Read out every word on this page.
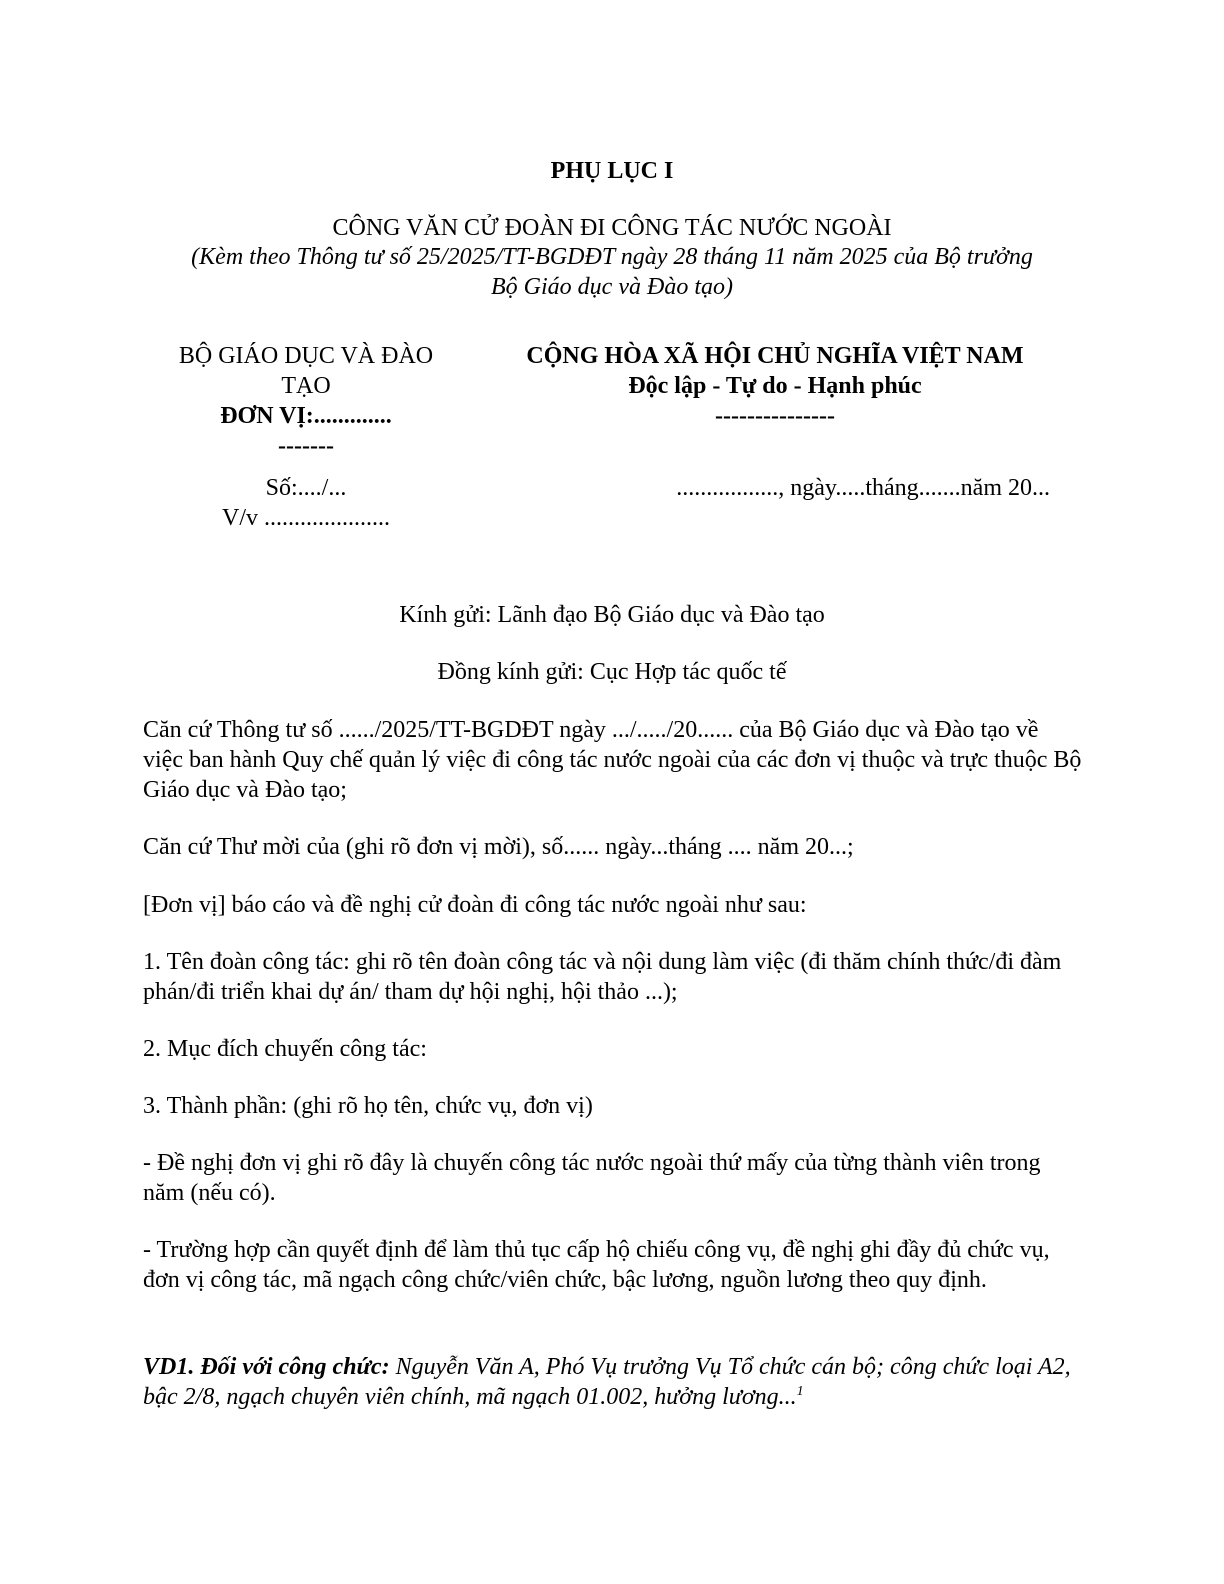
PHỤ LỤC I
CÔNG VĂN CỬ ĐOÀN ĐI CÔNG TÁC NƯỚC NGOÀI
(Kèm theo Thông tư số 25/2025/TT-BGDĐT ngày 28 tháng 11 năm 2025 của Bộ trưởng
Bộ Giáo dục và Đào tạo)
BỘ GIÁO DỤC VÀ ĐÀO
TẠO
ĐƠN VỊ:.............
-------
CỘNG HÒA XÃ HỘI CHỦ NGHĨA VIỆT NAM
Độc lập - Tự do - Hạnh phúc
---------------
Số:..../...
V/v .....................
................., ngày.....tháng.......năm 20...
Kính gửi: Lãnh đạo Bộ Giáo dục và Đào tạo
Đồng kính gửi: Cục Hợp tác quốc tế
Căn cứ Thông tư số ....../2025/TT-BGDĐT ngày .../...../20...... của Bộ Giáo dục và Đào tạo về việc ban hành Quy chế quản lý việc đi công tác nước ngoài của các đơn vị thuộc và trực thuộc Bộ Giáo dục và Đào tạo;
Căn cứ Thư mời của (ghi rõ đơn vị mời), số...... ngày...tháng .... năm 20...;
[Đơn vị] báo cáo và đề nghị cử đoàn đi công tác nước ngoài như sau:
1. Tên đoàn công tác: ghi rõ tên đoàn công tác và nội dung làm việc (đi thăm chính thức/đi đàm phán/đi triển khai dự án/ tham dự hội nghị, hội thảo ...);
2. Mục đích chuyến công tác:
3. Thành phần: (ghi rõ họ tên, chức vụ, đơn vị)
- Đề nghị đơn vị ghi rõ đây là chuyến công tác nước ngoài thứ mấy của từng thành viên trong năm (nếu có).
- Trường hợp cần quyết định để làm thủ tục cấp hộ chiếu công vụ, đề nghị ghi đầy đủ chức vụ, đơn vị công tác, mã ngạch công chức/viên chức, bậc lương, nguồn lương theo quy định.
VD1. Đối với công chức: Nguyễn Văn A, Phó Vụ trưởng Vụ Tổ chức cán bộ; công chức loại A2, bậc 2/8, ngạch chuyên viên chính, mã ngạch 01.002, hưởng lương...$^1$
